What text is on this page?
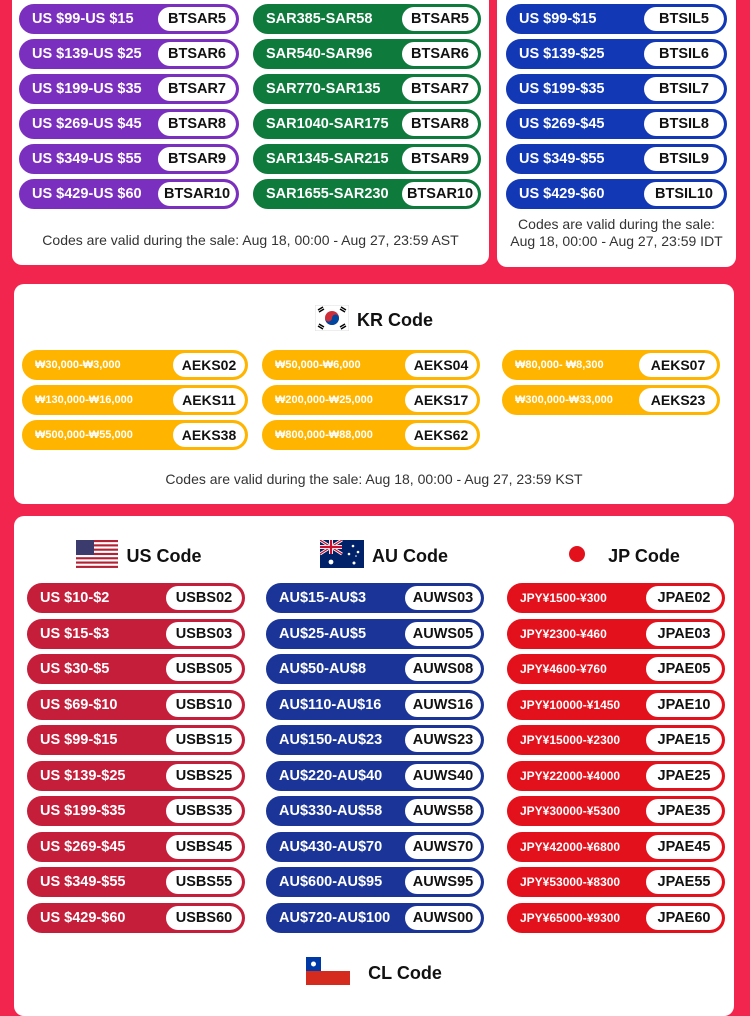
US $99-US $15	BTSAR5
US $139-US $25	BTSAR6
US $199-US $35	BTSAR7
US $269-US $45	BTSAR8
US $349-US $55	BTSAR9
US $429-US $60	BTSAR10
SAR385-SAR58	BTSAR5
SAR540-SAR96	BTSAR6
SAR770-SAR135	BTSAR7
SAR1040-SAR175	BTSAR8
SAR1345-SAR215	BTSAR9
SAR1655-SAR230	BTSAR10
Codes are valid during the sale: Aug 18, 00:00 - Aug 27, 23:59 AST
US $99-$15	BTSIL5
US $139-$25	BTSIL6
US $199-$35	BTSIL7
US $269-$45	BTSIL8
US $349-$55	BTSIL9
US $429-$60	BTSIL10
Codes are valid during the sale:
Aug 18, 00:00 - Aug 27, 23:59 IDT
KR Code
₩30,000-₩3,000	AEKS02
₩130,000-₩16,000	AEKS11
₩500,000-₩55,000	AEKS38
₩50,000-₩6,000	AEKS04
₩200,000-₩25,000	AEKS17
₩800,000-₩88,000	AEKS62
₩80,000- ₩8,300	AEKS07
₩300,000-₩33,000	AEKS23
Codes are valid during the sale: Aug 18, 00:00 - Aug 27, 23:59 KST
US Code	AU Code	JP Code
US $10-$2	USBS02
US $15-$3	USBS03
US $30-$5	USBS05
US $69-$10	USBS10
US $99-$15	USBS15
US $139-$25	USBS25
US $199-$35	USBS35
US $269-$45	USBS45
US $349-$55	USBS55
US $429-$60	USBS60
AU$15-AU$3	AUWS03
AU$25-AU$5	AUWS05
AU$50-AU$8	AUWS08
AU$110-AU$16	AUWS16
AU$150-AU$23	AUWS23
AU$220-AU$40	AUWS40
AU$330-AU$58	AUWS58
AU$430-AU$70	AUWS70
AU$600-AU$95	AUWS95
AU$720-AU$100	AUWS00
JPY¥1500-¥300	JPAE02
JPY¥2300-¥460	JPAE03
JPY¥4600-¥760	JPAE05
JPY¥10000-¥1450	JPAE10
JPY¥15000-¥2300	JPAE15
JPY¥22000-¥4000	JPAE25
JPY¥30000-¥5300	JPAE35
JPY¥42000-¥6800	JPAE45
JPY¥53000-¥8300	JPAE55
JPY¥65000-¥9300	JPAE60
CL Code
